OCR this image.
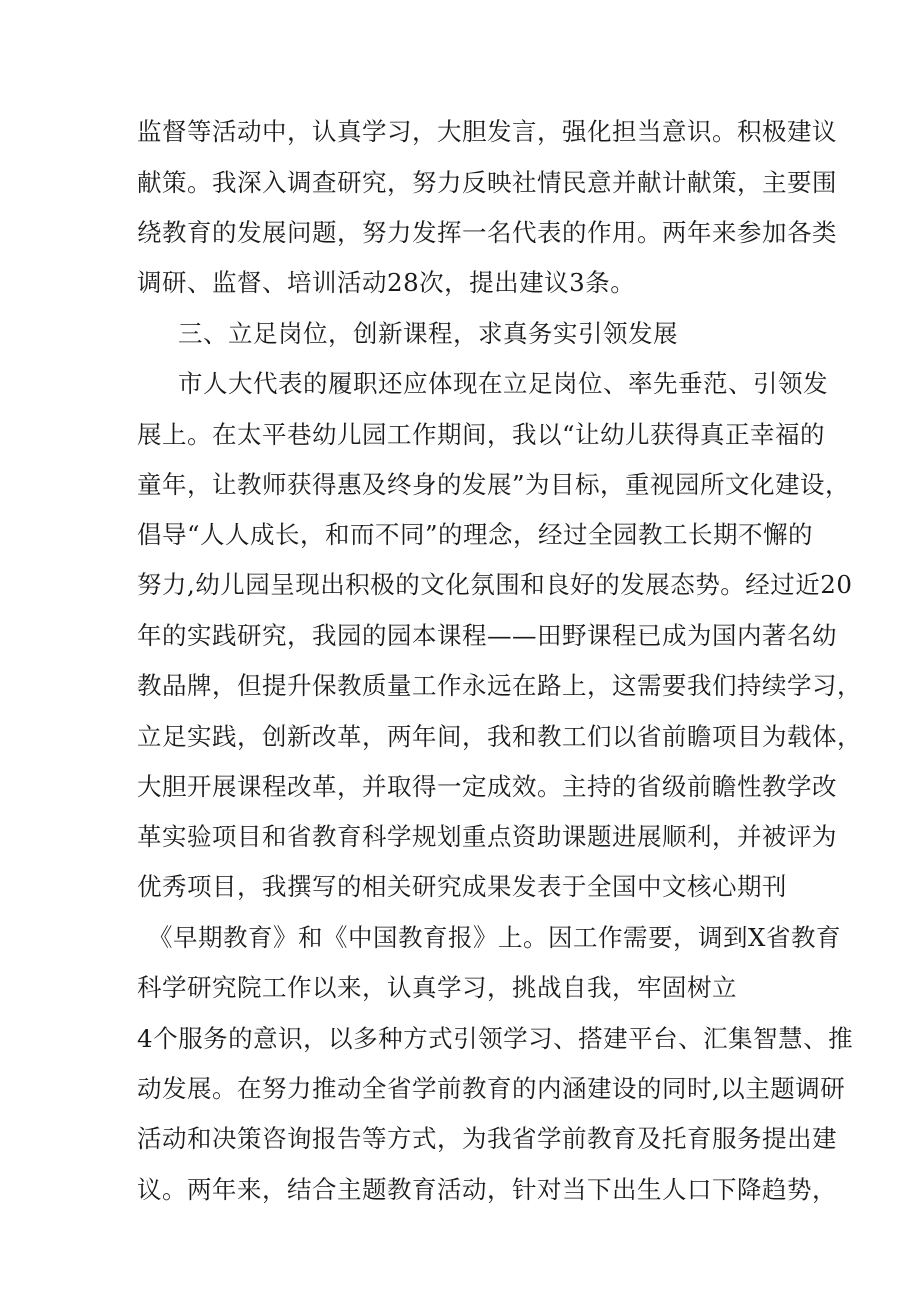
监督等活动中，认真学习，大胆发言，强化担当意识。积极建议
献策。我深入调查研究，努力反映社情民意并献计献策，主要围
绕教育的发展问题，努力发挥一名代表的作用。两年来参加各类
调研、监督、培训活动28次，提出建议3条。
三、立足岗位，创新课程，求真务实引领发展
市人大代表的履职还应体现在立足岗位、率先垂范、引领发
展上。在太平巷幼儿园工作期间，我以“让幼儿获得真正幸福的
童年，让教师获得惠及终身的发展”为目标，重视园所文化建设，
倡导“人人成长，和而不同”的理念，经过全园教工长期不懈的
努力,幼儿园呈现出积极的文化氛围和良好的发展态势。经过近20
年的实践研究，我园的园本课程——田野课程已成为国内著名幼
教品牌，但提升保教质量工作永远在路上，这需要我们持续学习，
立足实践，创新改革，两年间，我和教工们以省前瞻项目为载体，
大胆开展课程改革，并取得一定成效。主持的省级前瞻性教学改
革实验项目和省教育科学规划重点资助课题进展顺利，并被评为
优秀项目，我撰写的相关研究成果发表于全国中文核心期刊
《早期教育》和《中国教育报》上。因工作需要，调到X省教育
科学研究院工作以来，认真学习，挑战自我，牢固树立
4个服务的意识，以多种方式引领学习、搭建平台、汇集智慧、推
动发展。在努力推动全省学前教育的内涵建设的同时,以主题调研
活动和决策咨询报告等方式，为我省学前教育及托育服务提出建
议。两年来，结合主题教育活动，针对当下出生人口下降趋势，
